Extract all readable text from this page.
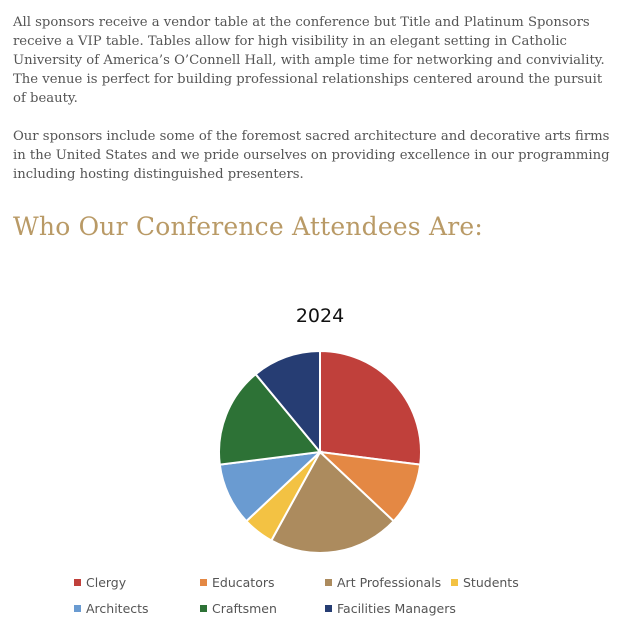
All sponsors receive a vendor table at the conference but Title and Platinum Sponsors receive a VIP table. Tables allow for high visibility in an elegant setting in Catholic University of America’s O’Connell Hall, with ample time for networking and conviviality. The venue is perfect for building professional relationships centered around the pursuit of beauty.

Our sponsors include some of the foremost sacred architecture and decorative arts firms in the United States and we pride ourselves on providing excellence in our programming including hosting distinguished presenters.

Who Our Conference Attendees Are:
2024
Clergy	Educators	Art Professionals Students
Architects	Craftsmen	Facilities Managers
